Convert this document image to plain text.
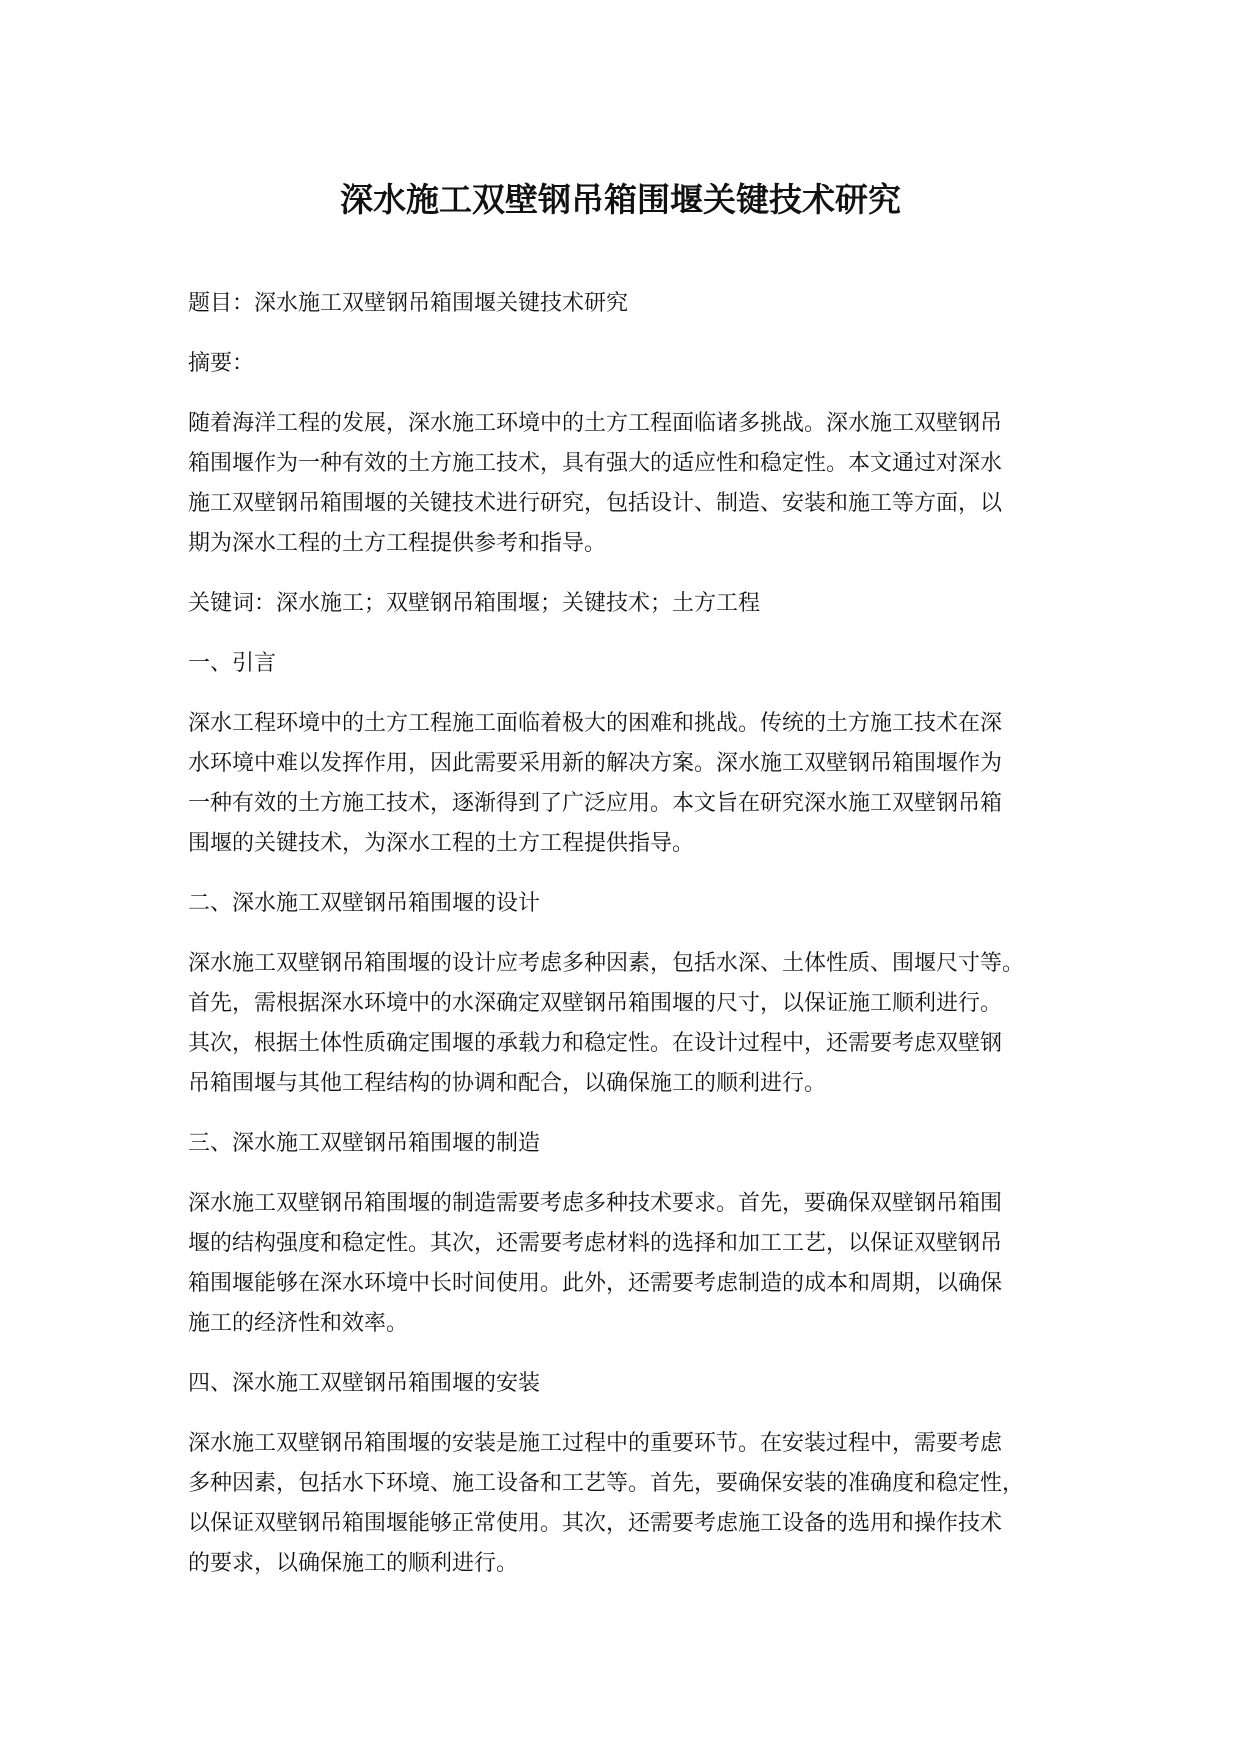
深水施工双壁钢吊箱围堰关键技术研究

题目：深水施工双壁钢吊箱围堰关键技术研究

摘要：

随着海洋工程的发展，深水施工环境中的土方工程面临诸多挑战。深水施工双壁钢吊
箱围堰作为一种有效的土方施工技术，具有强大的适应性和稳定性。本文通过对深水
施工双壁钢吊箱围堰的关键技术进行研究，包括设计、制造、安装和施工等方面，以
期为深水工程的土方工程提供参考和指导。

关键词：深水施工；双壁钢吊箱围堰；关键技术；土方工程

一、引言

深水工程环境中的土方工程施工面临着极大的困难和挑战。传统的土方施工技术在深
水环境中难以发挥作用，因此需要采用新的解决方案。深水施工双壁钢吊箱围堰作为
一种有效的土方施工技术，逐渐得到了广泛应用。本文旨在研究深水施工双壁钢吊箱
围堰的关键技术，为深水工程的土方工程提供指导。

二、深水施工双壁钢吊箱围堰的设计

深水施工双壁钢吊箱围堰的设计应考虑多种因素，包括水深、土体性质、围堰尺寸等。
首先，需根据深水环境中的水深确定双壁钢吊箱围堰的尺寸，以保证施工顺利进行。
其次，根据土体性质确定围堰的承载力和稳定性。在设计过程中，还需要考虑双壁钢
吊箱围堰与其他工程结构的协调和配合，以确保施工的顺利进行。

三、深水施工双壁钢吊箱围堰的制造

深水施工双壁钢吊箱围堰的制造需要考虑多种技术要求。首先，要确保双壁钢吊箱围
堰的结构强度和稳定性。其次，还需要考虑材料的选择和加工工艺，以保证双壁钢吊
箱围堰能够在深水环境中长时间使用。此外，还需要考虑制造的成本和周期，以确保
施工的经济性和效率。

四、深水施工双壁钢吊箱围堰的安装

深水施工双壁钢吊箱围堰的安装是施工过程中的重要环节。在安装过程中，需要考虑
多种因素，包括水下环境、施工设备和工艺等。首先，要确保安装的准确度和稳定性，
以保证双壁钢吊箱围堰能够正常使用。其次，还需要考虑施工设备的选用和操作技术
的要求，以确保施工的顺利进行。
